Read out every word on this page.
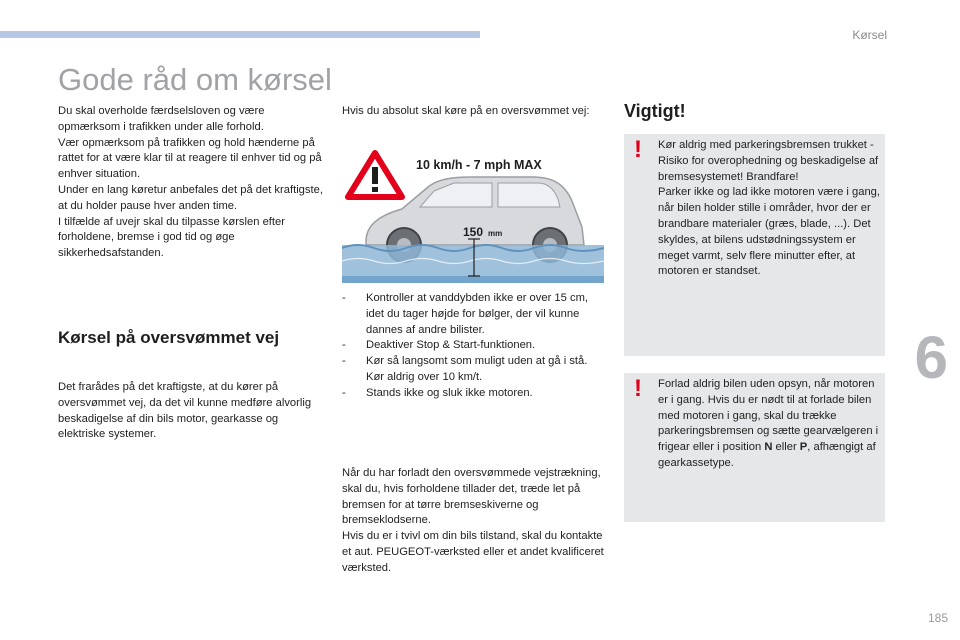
Kørsel
6
185
Gode råd om kørsel

Du skal overholde færdselsloven og være opmærksom i trafikken under alle forhold.

Vær opmærksom på trafikken og hold hænderne på rattet for at være klar til at reagere til enhver tid og på enhver situation.

Under en lang køretur anbefales det på det kraftigste, at du holder pause hver anden time.

I tilfælde af uvejr skal du tilpasse kørslen efter forholdene, bremse i god tid og øge sikkerhedsafstanden.

Kørsel på oversvømmet vej

Det frarådes på det kraftigste, at du kører på oversvømmet vej, da det vil kunne medføre alvorlig beskadigelse af din bils motor, gearkasse og elektriske systemer.

Hvis du absolut skal køre på en oversvømmet vej:

10 km/h - 7 mph MAX
150 mm
- Kontroller at vanddybden ikke er over 15 cm, idet du tager højde for bølger, der vil kunne dannes af andre bilister.
- Deaktiver Stop & Start-funktionen.
- Kør så langsomt som muligt uden at gå i stå. Kør aldrig over 10 km/t.
- Stands ikke og sluk ikke motoren.

Når du har forladt den oversvømmede vejstrækning, skal du, hvis forholdene tillader det, træde let på bremsen for at tørre bremseskiverne og bremseklodserne.

Hvis du er i tvivl om din bils tilstand, skal du kontakte et aut. PEUGEOT-værksted eller et andet kvalificeret værksted.

Vigtigt!
! Kør aldrig med parkeringsbremsen trukket - Risiko for overophedning og beskadigelse af bremsesystemet! Brandfare!

Parker ikke og lad ikke motoren være i gang, når bilen holder stille i områder, hvor der er brandbare materialer (græs, blade, ...). Det skyldes, at bilens udstødningssystem er meget varmt, selv flere minutter efter, at motoren er standset.

! Forlad aldrig bilen uden opsyn, når motoren er i gang. Hvis du er nødt til at forlade bilen med motoren i gang, skal du trække parkeringsbremsen og sætte gearvælgeren i frigear eller i position N eller P, afhængigt af gearkassetype.
